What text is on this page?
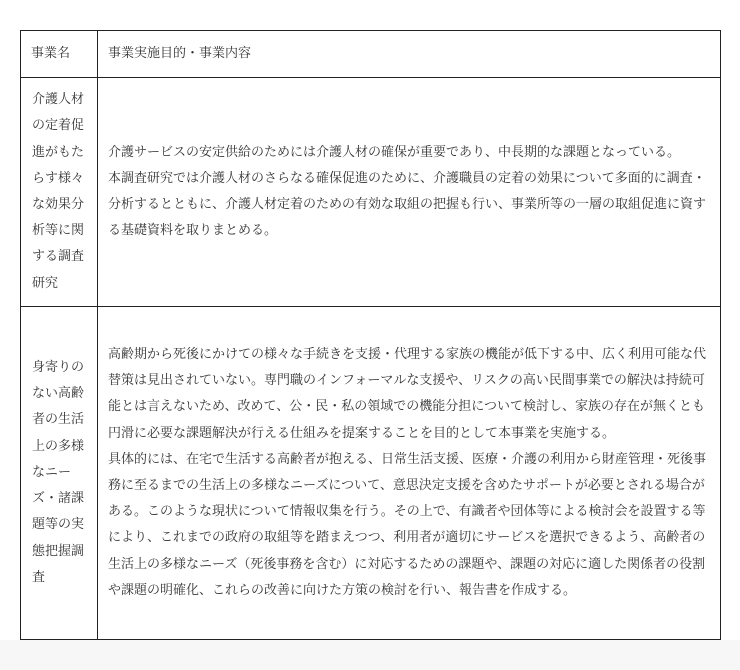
事業名	事業実施目的・事業内容
介護人材の定着促進がもたらす様々な効果分析等に関する調査研究	介護サービスの安定供給のためには介護人材の確保が重要であり、中長期的な課題となっている。

本調査研究では介護人材のさらなる確保促進のために、介護職員の定着の効果について多面的に調査・分析するとともに、介護人材定着のための有効な取組の把握も行い、事業所等の一層の取組促進に資する基礎資料を取りまとめる。

身寄りのない高齢者の生活上の多様なニーズ・諸課題等の実態把握調査	高齢期から死後にかけての様々な手続きを支援・代理する家族の機能が低下する中、広く利用可能な代替策は見出されていない。専門職のインフォーマルな支援や、リスクの高い民間事業での解決は持続可能とは言えないため、改めて、公・民・私の領域での機能分担について検討し、家族の存在が無くとも円滑に必要な課題解決が行える仕組みを提案することを目的として本事業を実施する。

具体的には、在宅で生活する高齢者が抱える、日常生活支援、医療・介護の利用から財産管理・死後事務に至るまでの生活上の多様なニーズについて、意思決定支援を含めたサポートが必要とされる場合がある。このような現状について情報収集を行う。その上で、有識者や団体等による検討会を設置する等により、これまでの政府の取組等を踏まえつつ、利用者が適切にサービスを選択できるよう、高齢者の生活上の多様なニーズ（死後事務を含む）に対応するための課題や、課題の対応に適した関係者の役割や課題の明確化、これらの改善に向けた方策の検討を行い、報告書を作成する。
